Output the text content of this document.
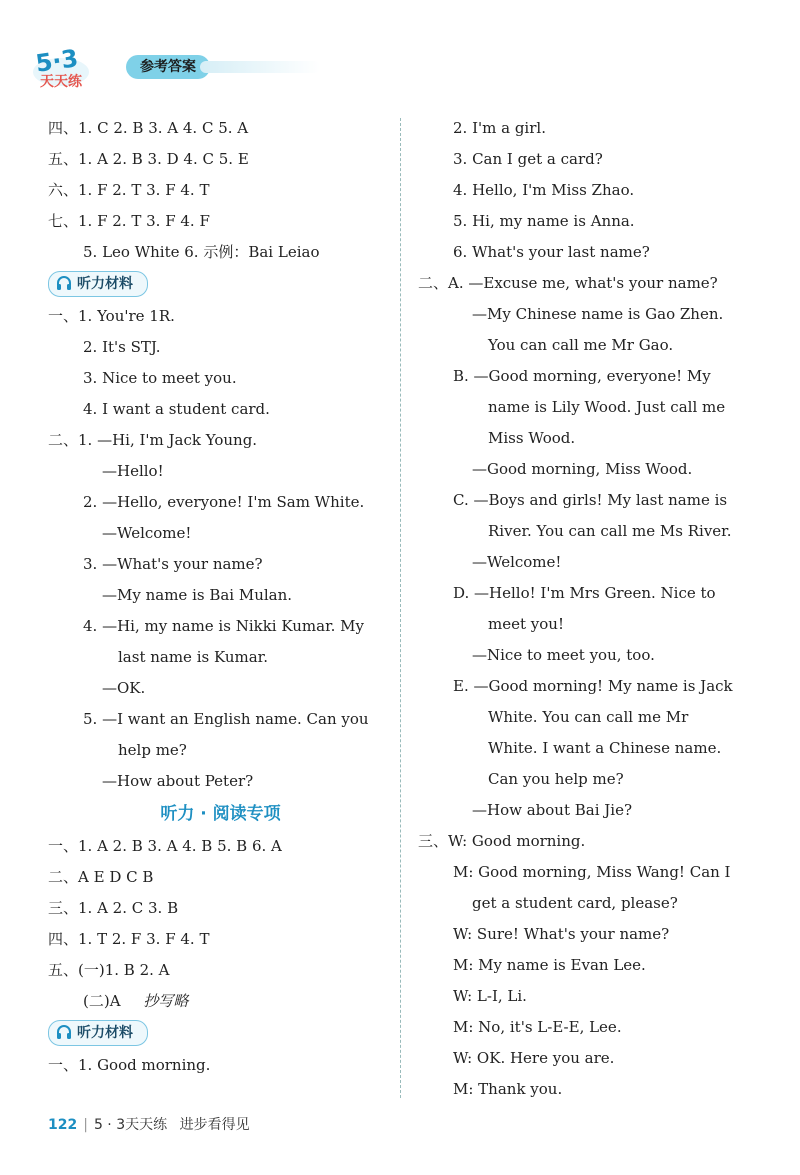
5·3
天天练
参考答案
四、1. C 2. B 3. A 4. C 5. A
五、1. A 2. B 3. D 4. C 5. E
六、1. F 2. T 3. F 4. T
七、1. F 2. T 3. F 4. F
5. Leo White 6. 示例：Bai Leiao
听力材料
一、1. You're 1R.
2. It's STJ.
3. Nice to meet you.
4. I want a student card.
二、1. —Hi, I'm Jack Young.
—Hello!
2. —Hello, everyone! I'm Sam White.
—Welcome!
3. —What's your name?
—My name is Bai Mulan.
4. —Hi, my name is Nikki Kumar. My
last name is Kumar.
—OK.
5. —I want an English name. Can you
help me?
—How about Peter?
听力 · 阅读专项
一、1. A 2. B 3. A 4. B 5. B 6. A
二、A E D C B
三、1. A 2. C 3. B
四、1. T 2. F 3. F 4. T
五、(一)1. B 2. A
(二)A 抄写略
听力材料
一、1. Good morning.
2. I'm a girl.
3. Can I get a card?
4. Hello, I'm Miss Zhao.
5. Hi, my name is Anna.
6. What's your last name?
二、A. —Excuse me, what's your name?
—My Chinese name is Gao Zhen.
You can call me Mr Gao.
B. —Good morning, everyone! My
name is Lily Wood. Just call me
Miss Wood.
—Good morning, Miss Wood.
C. —Boys and girls! My last name is
River. You can call me Ms River.
—Welcome!
D. —Hello! I'm Mrs Green. Nice to
meet you!
—Nice to meet you, too.
E. —Good morning! My name is Jack
White. You can call me Mr
White. I want a Chinese name.
Can you help me?
—How about Bai Jie?
三、W: Good morning.
M: Good morning, Miss Wang! Can I
get a student card, please?
W: Sure! What's your name?
M: My name is Evan Lee.
W: L-I, Li.
M: No, it's L-E-E, Lee.
W: OK. Here you are.
M: Thank you.
122 | 5 · 3天天练 进步看得见
